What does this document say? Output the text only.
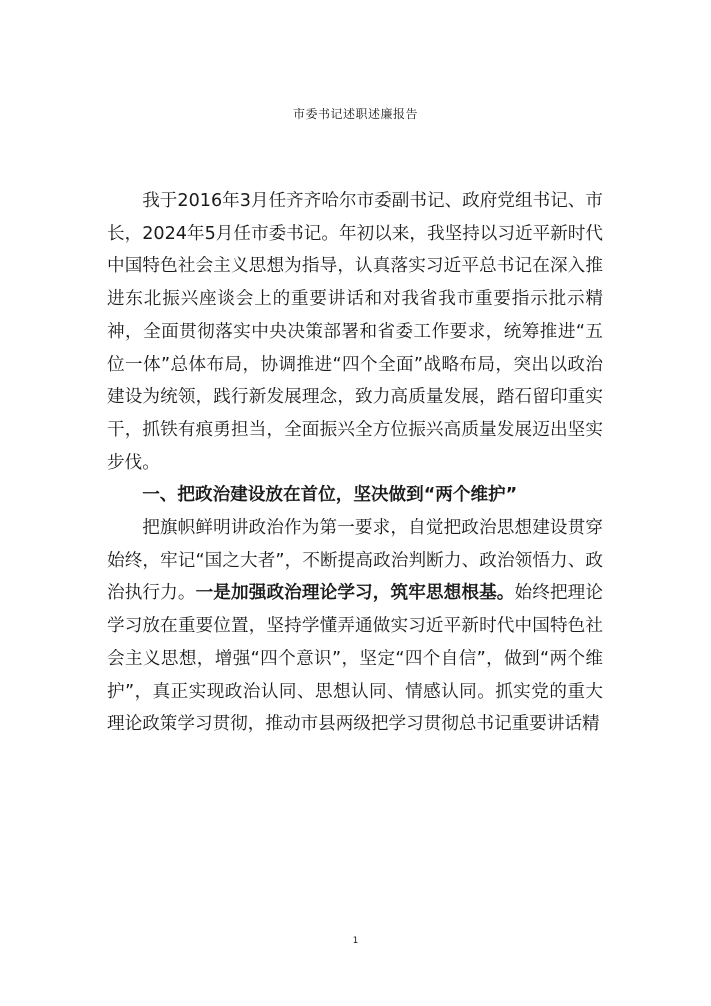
市委书记述职述廉报告

我于2016年3月任齐齐哈尔市委副书记、政府党组书记、市长，2024年5月任市委书记。年初以来，我坚持以习近平新时代中国特色社会主义思想为指导，认真落实习近平总书记在深入推进东北振兴座谈会上的重要讲话和对我省我市重要指示批示精神，全面贯彻落实中央决策部署和省委工作要求，统筹推进“五位一体”总体布局，协调推进“四个全面”战略布局，突出以政治建设为统领，践行新发展理念，致力高质量发展，踏石留印重实干，抓铁有痕勇担当，全面振兴全方位振兴高质量发展迈出坚实步伐。

一、把政治建设放在首位，坚决做到“两个维护”

把旗帜鲜明讲政治作为第一要求，自觉把政治思想建设贯穿始终，牢记“国之大者”，不断提高政治判断力、政治领悟力、政治执行力。一是加强政治理论学习，筑牢思想根基。始终把理论学习放在重要位置，坚持学懂弄通做实习近平新时代中国特色社会主义思想，增强“四个意识”，坚定“四个自信”，做到“两个维护”，真正实现政治认同、思想认同、情感认同。抓实党的重大理论政策学习贯彻，推动市县两级把学习贯彻总书记重要讲话精

1
